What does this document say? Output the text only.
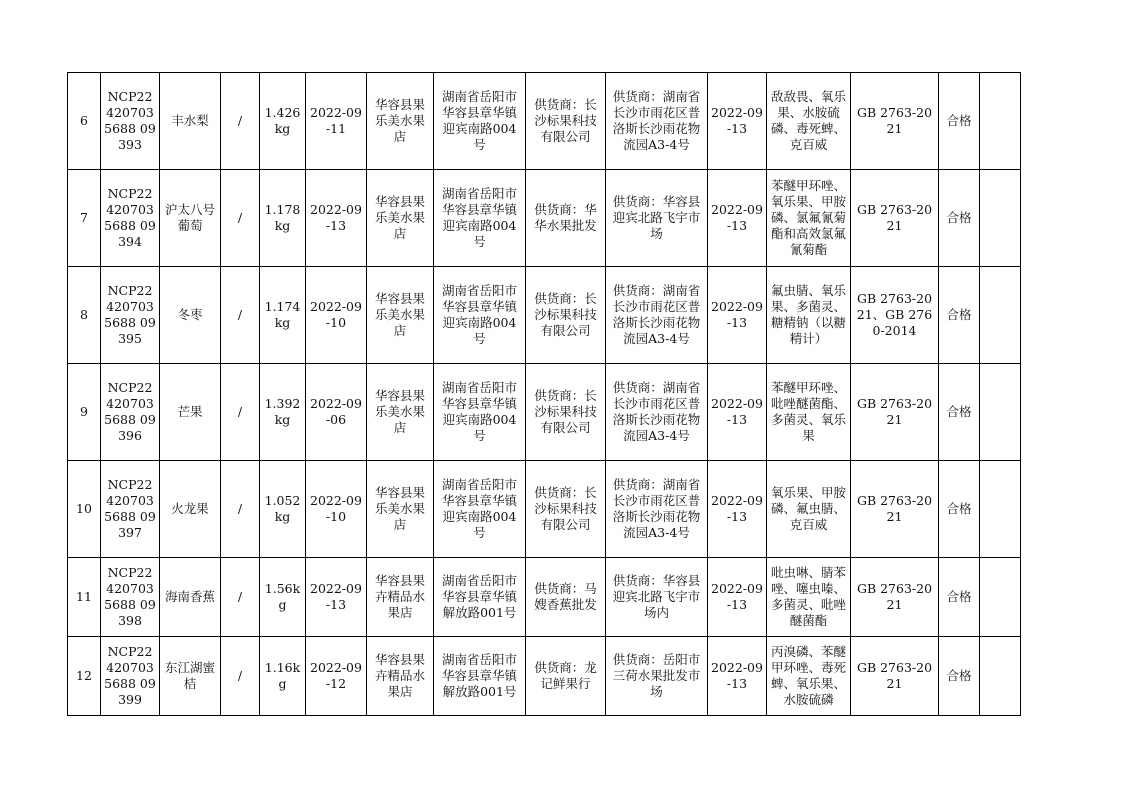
6	NCP224207035688 09393	丰水梨	/	1.426kg	2022-09-11	华容县果乐美水果店	湖南省岳阳市华容县章华镇迎宾南路004号	供货商：长沙标果科技有限公司	供货商：湖南省长沙市雨花区普洛斯长沙雨花物流园A3-4号	2022-09-13	敌敌畏、氧乐果、水胺硫磷、毒死蜱、克百威	GB 2763-2021	合格	
7	NCP224207035688 09394	沪太八号葡萄	/	1.178kg	2022-09-13	华容县果乐美水果店	湖南省岳阳市华容县章华镇迎宾南路004号	供货商：华华水果批发	供货商：华容县迎宾北路飞宇市场	2022-09-13	苯醚甲环唑、氧乐果、甲胺磷、氯氟氰菊酯和高效氯氟氰菊酯	GB 2763-2021	合格	
8	NCP224207035688 09395	冬枣	/	1.174kg	2022-09-10	华容县果乐美水果店	湖南省岳阳市华容县章华镇迎宾南路004号	供货商：长沙标果科技有限公司	供货商：湖南省长沙市雨花区普洛斯长沙雨花物流园A3-4号	2022-09-13	氟虫腈、氧乐果、多菌灵、糖精钠（以糖精计）	GB 2763-2021、GB 2760-2014	合格	
9	NCP224207035688 09396	芒果	/	1.392kg	2022-09-06	华容县果乐美水果店	湖南省岳阳市华容县章华镇迎宾南路004号	供货商：长沙标果科技有限公司	供货商：湖南省长沙市雨花区普洛斯长沙雨花物流园A3-4号	2022-09-13	苯醚甲环唑、吡唑醚菌酯、多菌灵、氧乐果	GB 2763-2021	合格	
10	NCP224207035688 09397	火龙果	/	1.052kg	2022-09-10	华容县果乐美水果店	湖南省岳阳市华容县章华镇迎宾南路004号	供货商：长沙标果科技有限公司	供货商：湖南省长沙市雨花区普洛斯长沙雨花物流园A3-4号	2022-09-13	氧乐果、甲胺磷、氟虫腈、克百威	GB 2763-2021	合格	
11	NCP224207035688 09398	海南香蕉	/	1.56kg	2022-09-13	华容县果卉精品水果店	湖南省岳阳市华容县章华镇解放路001号	供货商：马嫂香蕉批发	供货商：华容县迎宾北路飞宇市场内	2022-09-13	吡虫啉、腈苯唑、噻虫嗪、多菌灵、吡唑醚菌酯	GB 2763-2021	合格	
12	NCP224207035688 09399	东江湖蜜桔	/	1.16kg	2022-09-12	华容县果卉精品水果店	湖南省岳阳市华容县章华镇解放路001号	供货商：龙记鲜果行	供货商：岳阳市三荷水果批发市场	2022-09-13	丙溴磷、苯醚甲环唑、毒死蜱、氧乐果、水胺硫磷	GB 2763-2021	合格	
